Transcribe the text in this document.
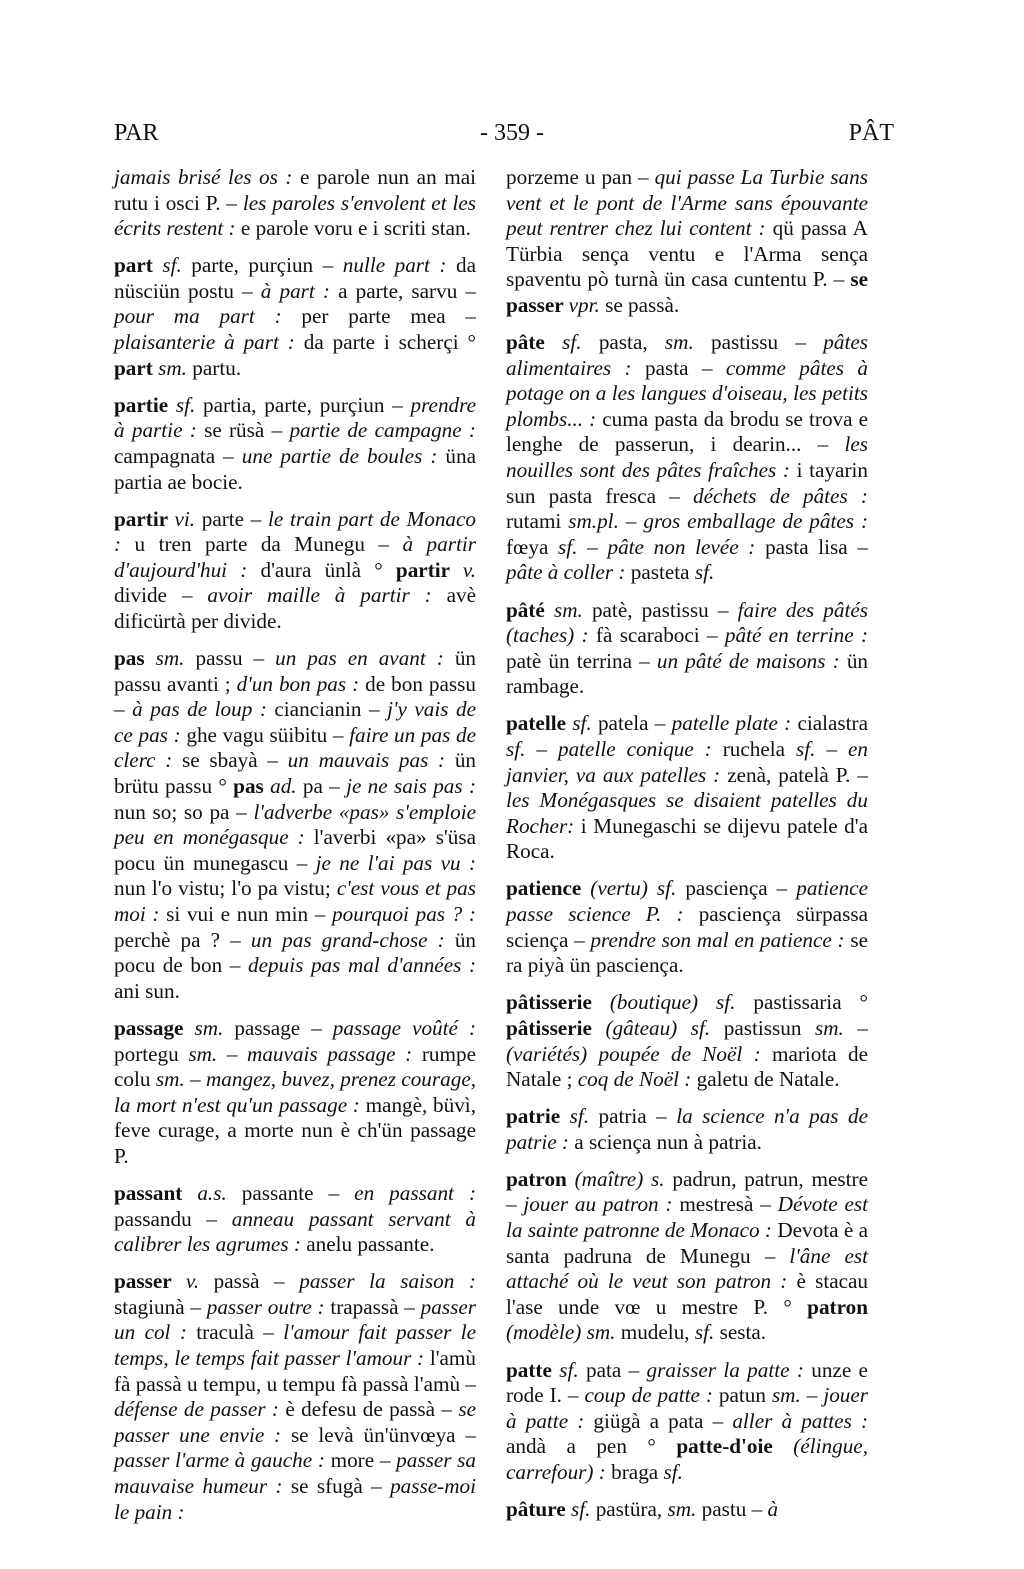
PAR	- 359 -	PÂT

jamais brisé les os : e parole nun an mai rutu i osci P. – les paroles s'envolent et les écrits restent : e parole voru e i scriti stan.

part sf. parte, purçiun – nulle part : da nüsciün postu – à part : a parte, sarvu – pour ma part : per parte mea – plaisanterie à part : da parte i scherçi ° part sm. partu.

partie sf. partia, parte, purçiun – prendre à partie : se rüsà – partie de campagne : campagnata – une partie de boules : üna partia ae bocie.

partir vi. parte – le train part de Monaco : u tren parte da Munegu – à partir d'aujourd'hui : d'aura ünlà ° partir v. divide – avoir maille à partir : avè dificürtà per divide.

pas sm. passu – un pas en avant : ün passu avanti ; d'un bon pas : de bon passu – à pas de loup : ciancianin – j'y vais de ce pas : ghe vagu süibitu – faire un pas de clerc : se sbayà – un mauvais pas : ün brütu passu ° pas ad. pa – je ne sais pas : nun so; so pa – l'adverbe «pas» s'emploie peu en monégasque : l'averbi «pa» s'üsa pocu ün munegascu – je ne l'ai pas vu : nun l'o vistu; l'o pa vistu; c'est vous et pas moi : si vui e nun min – pourquoi pas ? : perchè pa ? – un pas grand-chose : ün pocu de bon – depuis pas mal d'années : ani sun.

passage sm. passage – passage voûté : portegu sm. – mauvais passage : rumpe colu sm. – mangez, buvez, prenez courage, la mort n'est qu'un passage : mangè, büvì, feve curage, a morte nun è ch'ün passage P.

passant a.s. passante – en passant : passandu – anneau passant servant à calibrer les agrumes : anelu passante.

passer v. passà – passer la saison : stagiunà – passer outre : trapassà – passer un col : traculà – l'amour fait passer le temps, le temps fait passer l'amour : l'amù fà passà u tempu, u tempu fà passà l'amù – défense de passer : è defesu de passà – se passer une envie : se levà ün'ünvœya – passer l'arme à gauche : more – passer sa mauvaise humeur : se sfugà – passe-moi le pain :

porzeme u pan – qui passe La Turbie sans vent et le pont de l'Arme sans épouvante peut rentrer chez lui content : qü passa A Türbia sença ventu e l'Arma sença spaventu pò turnà ün casa cuntentu P. – se passer vpr. se passà.

pâte sf. pasta, sm. pastissu – pâtes alimentaires : pasta – comme pâtes à potage on a les langues d'oiseau, les petits plombs... : cuma pasta da brodu se trova e lenghe de passerun, i dearin... – les nouilles sont des pâtes fraîches : i tayarin sun pasta fresca – déchets de pâtes : rutami sm.pl. – gros emballage de pâtes : fœya sf. – pâte non levée : pasta lisa – pâte à coller : pasteta sf.

pâté sm. patè, pastissu – faire des pâtés (taches) : fà scaraboci – pâté en terrine : patè ün terrina – un pâté de maisons : ün rambage.

patelle sf. patela – patelle plate : cialastra sf. – patelle conique : ruchela sf. – en janvier, va aux patelles : zenà, patelà P. – les Monégasques se disaient patelles du Rocher: i Munegaschi se dijevu patele d'a Roca.

patience (vertu) sf. pasciença – patience passe science P. : pasciença sürpassa sciença – prendre son mal en patience : se ra piyà ün pasciença.

pâtisserie (boutique) sf. pastissaria ° pâtisserie (gâteau) sf. pastissun sm. – (variétés) poupée de Noël : mariota de Natale ; coq de Noël : galetu de Natale.

patrie sf. patria – la science n'a pas de patrie : a sciença nun à patria.

patron (maître) s. padrun, patrun, mestre – jouer au patron : mestresà – Dévote est la sainte patronne de Monaco : Devota è a santa padruna de Munegu – l'âne est attaché où le veut son patron : è stacau l'ase unde vœ u mestre P. ° patron (modèle) sm. mudelu, sf. sesta.

patte sf. pata – graisser la patte : unze e rode I. – coup de patte : patun sm. – jouer à patte : giügà a pata – aller à pattes : andà a pen ° patte-d'oie (élingue, carrefour) : braga sf.

pâture sf. pastüra, sm. pastu – à
